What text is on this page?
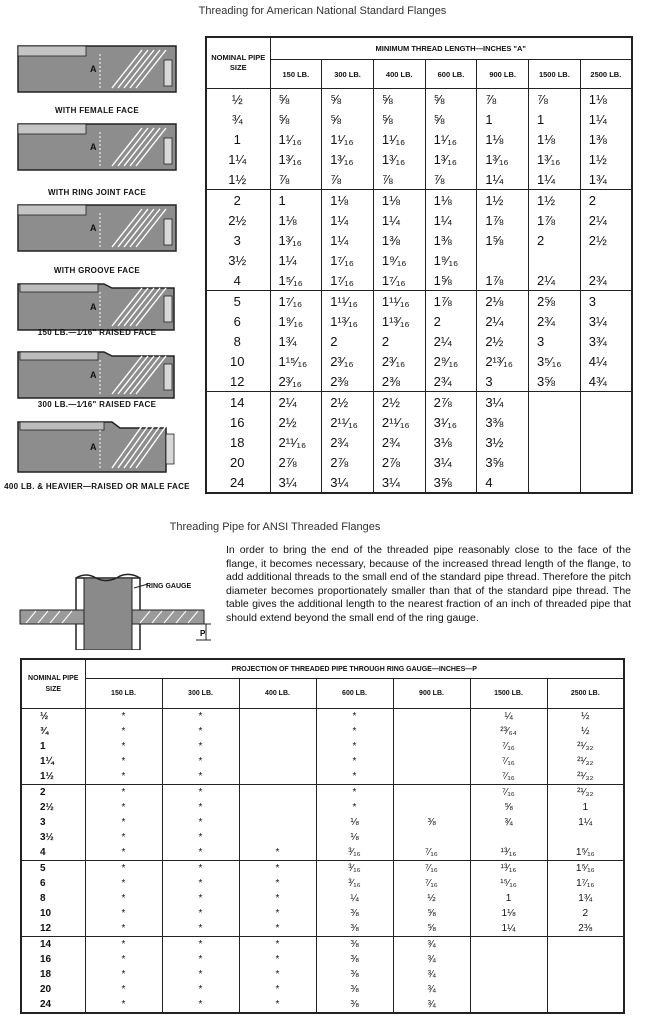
Threading for American National Standard Flanges
A
WITH FEMALE FACE
A
WITH RING JOINT FACE
A
WITH GROOVE FACE
A
150 LB.—1⁄16" RAISED FACE
A
300 LB.—1⁄16" RAISED FACE
A
400 LB. & HEAVIER—RAISED OR MALE FACE
NOMINAL PIPE SIZE	MINIMUM THREAD LENGTH—INCHES "A"						
	150 LB.	300 LB.	400 LB.	600 LB.	900 LB.	1500 LB.	2500 LB.
½	⅝	⅝	⅝	⅝	⅞	⅞	1⅛
¾	⅝	⅝	⅝	⅝	1	1	1¼
1	1¹⁄₁₆	1¹⁄₁₆	1¹⁄₁₆	1¹⁄₁₆	1⅛	1⅛	1⅜
1¼	1³⁄₁₆	1³⁄₁₆	1³⁄₁₆	1³⁄₁₆	1³⁄₁₆	1³⁄₁₆	1½
1½	⅞	⅞	⅞	⅞	1¼	1¼	1¾
2	1	1⅛	1⅛	1⅛	1½	1½	2
2½	1⅛	1¼	1¼	1¼	1⅞	1⅞	2¼
3	1³⁄₁₆	1¼	1⅜	1⅜	1⅝	2	2½
3½	1¼	1⁷⁄₁₆	1⁹⁄₁₆	1⁹⁄₁₆			
4	1⁵⁄₁₆	1⁷⁄₁₆	1⁷⁄₁₆	1⅝	1⅞	2¼	2¾
5	1⁷⁄₁₆	1¹¹⁄₁₆	1¹¹⁄₁₆	1⅞	2⅛	2⅝	3
6	1⁹⁄₁₆	1¹³⁄₁₆	1¹³⁄₁₆	2	2¼	2¾	3¼
8	1¾	2	2	2¼	2½	3	3¾
10	1¹⁵⁄₁₆	2³⁄₁₆	2³⁄₁₆	2⁹⁄₁₆	2¹³⁄₁₆	3⁵⁄₁₆	4¼
12	2³⁄₁₆	2⅜	2⅜	2¾	3	3⅝	4¾
14	2¼	2½	2½	2⅞	3¼		
16	2½	2¹¹⁄₁₆	2¹¹⁄₁₆	3¹⁄₁₆	3⅜		
18	2¹¹⁄₁₆	2¾	2¾	3⅛	3½		
20	2⅞	2⅞	2⅞	3¼	3⅝		
24	3¼	3¼	3¼	3⅝	4		
Threading Pipe for ANSI Threaded Flanges
In order to bring the end of the threaded pipe reasonably close to the face of the flange, it becomes necessary, because of the increased thread length of the flange, to add additional threads to the small end of the standard pipe thread. Therefore the pitch diameter becomes proportionately smaller than that of the standard pipe thread. The table gives the additional length to the nearest fraction of an inch of threaded pipe that should extend beyond the small end of the ring gauge.
P
RING GAUGE
NOMINAL PIPE SIZE	PROJECTION OF THREADED PIPE THROUGH RING GAUGE—INCHES—P						
	150 LB.	300 LB.	400 LB.	600 LB.	900 LB.	1500 LB.	2500 LB.
½	*	*		*		¼	½
¾	*	*		*		²³⁄₆₄	½
1	*	*		*		⁷⁄₁₆	²¹⁄₃₂
1¼	*	*		*		⁷⁄₁₆	²¹⁄₃₂
1½	*	*		*		⁷⁄₁₆	²¹⁄₃₂
2	*	*		*		⁷⁄₁₆	²¹⁄₃₂
2½	*	*		*		⅝	1
3	*	*		⅛	⅜	¾	1¼
3½	*	*		⅛			
4	*	*	*	³⁄₁₆	⁷⁄₁₆	¹³⁄₁₆	1⁵⁄₁₆
5	*	*	*	³⁄₁₆	⁷⁄₁₆	¹³⁄₁₆	1⁵⁄₁₆
6	*	*	*	³⁄₁₆	⁷⁄₁₆	¹⁵⁄₁₆	1⁷⁄₁₆
8	*	*	*	¼	½	1	1¾
10	*	*	*	⅜	⅝	1⅛	2
12	*	*	*	⅜	⅝	1¼	2⅜
14	*	*	*	⅜	¾		
16	*	*	*	⅜	¾		
18	*	*	*	⅜	¾		
20	*	*	*	⅜	¾		
24	*	*	*	⅜	¾		
